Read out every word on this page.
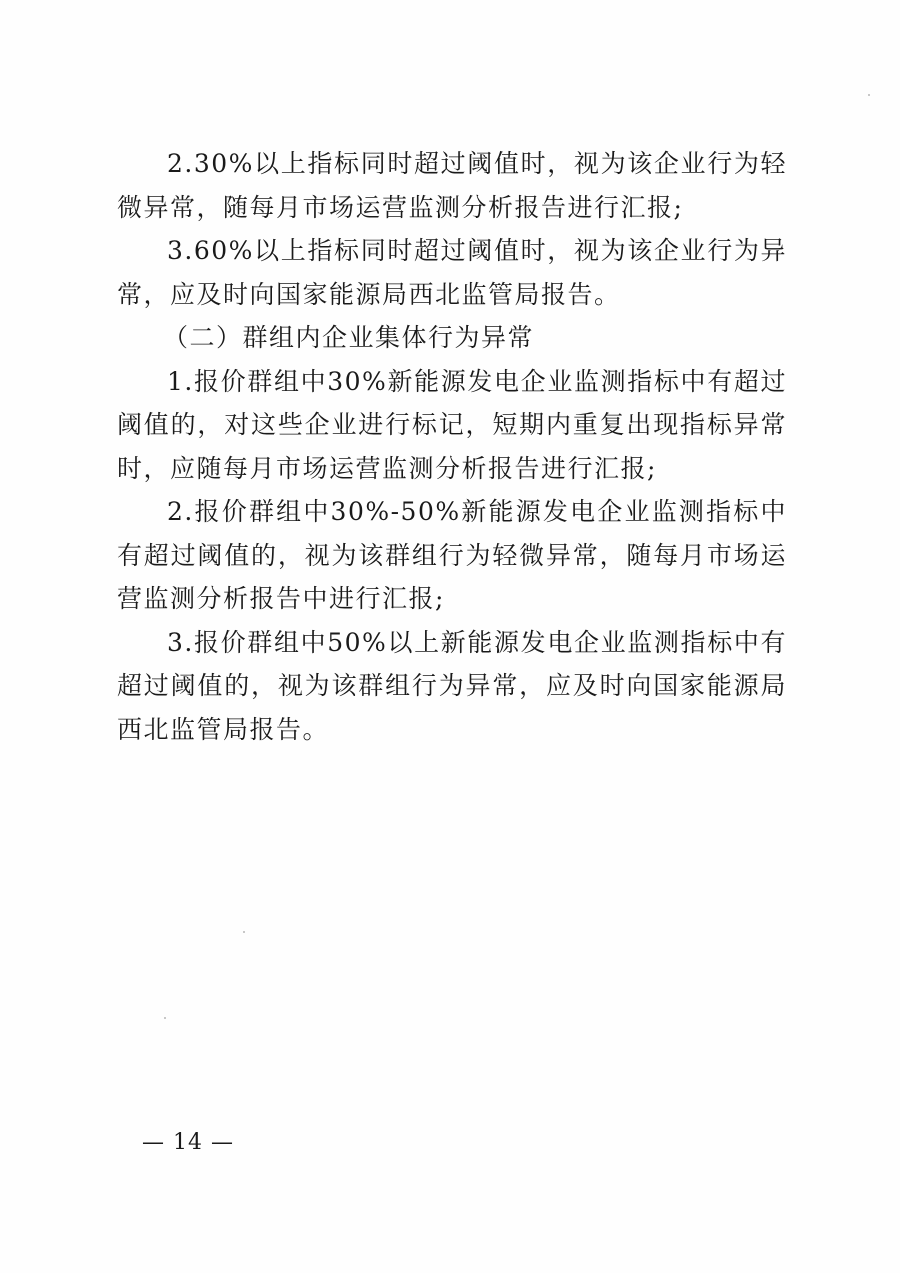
2.30%以上指标同时超过阈值时，视为该企业行为轻微异常，随每月市场运营监测分析报告进行汇报;

3.60%以上指标同时超过阈值时，视为该企业行为异常，应及时向国家能源局西北监管局报告。

（二）群组内企业集体行为异常

1.报价群组中30%新能源发电企业监测指标中有超过阈值的，对这些企业进行标记，短期内重复出现指标异常时，应随每月市场运营监测分析报告进行汇报;

2.报价群组中30%-50%新能源发电企业监测指标中有超过阈值的，视为该群组行为轻微异常，随每月市场运营监测分析报告中进行汇报;

3.报价群组中50%以上新能源发电企业监测指标中有超过阈值的，视为该群组行为异常，应及时向国家能源局西北监管局报告。

— 14 —
